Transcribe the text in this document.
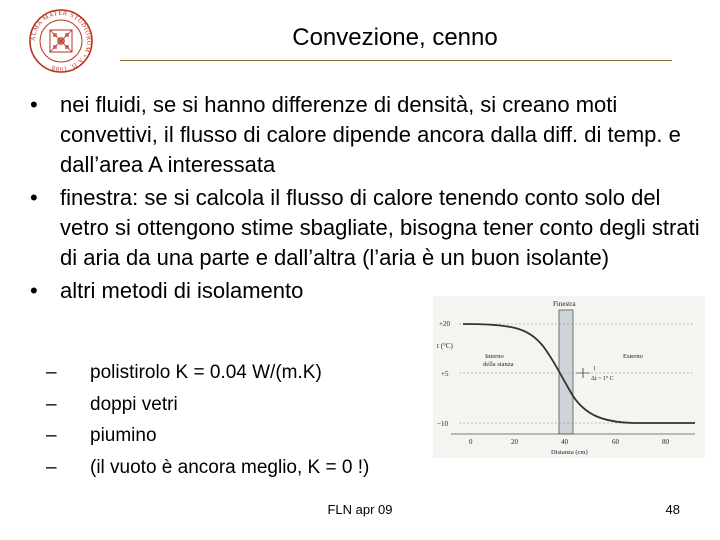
ALMA MATER STUDIORUM • A.D. 1088
Convezione, cenno
• nei fluidi, se si hanno differenze di densità, si creano moti convettivi, il flusso di calore dipende ancora dalla diff. di temp. e dall’area A interessata
• finestra: se si calcola il flusso di calore tenendo conto solo del vetro si ottengono stime sbagliate, bisogna tener conto degli strati di aria da una parte e dall’altra (l’aria è un buon isolante)
• altri metodi di isolamento
– polistirolo K = 0.04 W/(m.K)
– doppi vetri
– piumino
– (il vuoto è ancora meglio, K = 0 !)
Finestra
t (°C)
+20
+5
−10
Interno
della stanza
Esterno
1
Δt ~ 1° C
0	20	40	60	80
Distanza (cm)
FLN apr 09	48
